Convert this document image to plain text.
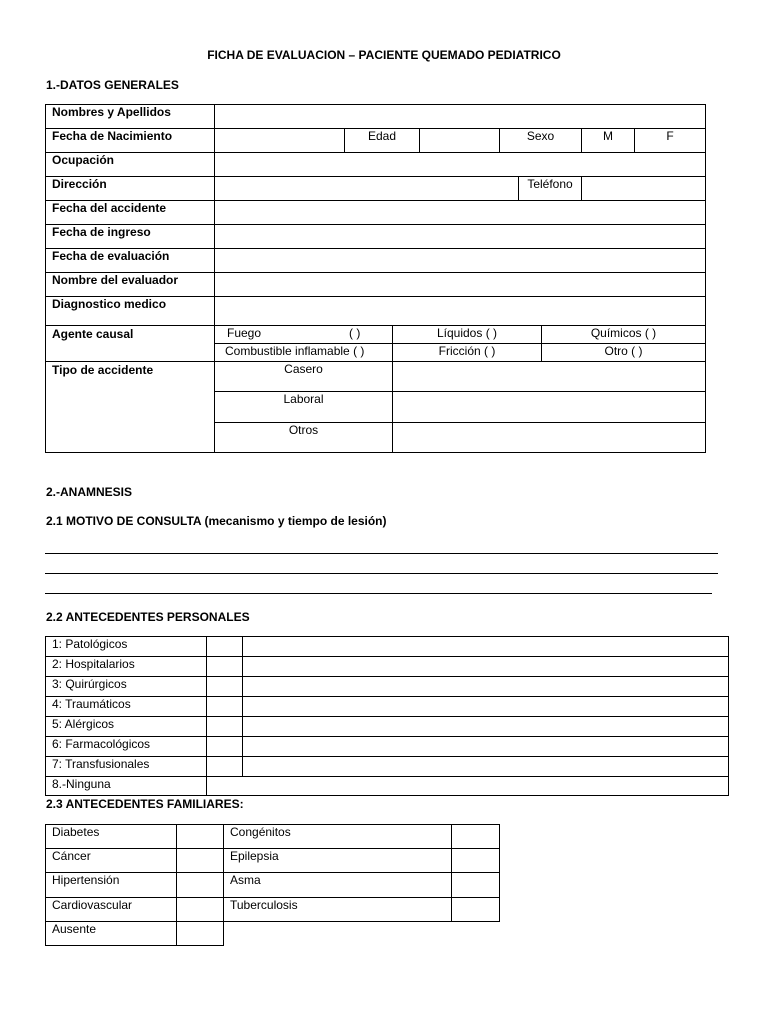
FICHA DE EVALUACION – PACIENTE QUEMADO PEDIATRICO
1.-DATOS GENERALES
Nombres y Apellidos							
Fecha de Nacimiento		Edad		Sexo		M	F
Ocupación							
Dirección					Teléfono		
Fecha del accidente							
Fecha de ingreso							
Fecha de evaluación							
Nombre del evaluador							
Diagnostico medico							
Agente causal	Fuego ( )	Líquidos ( )	Químicos ( )
	Combustible inflamable ( )	Fricción ( )	Otro ( )
Tipo de accidente	Casero		
	Laboral		
	Otros		
2.-ANAMNESIS
2.1 MOTIVO DE CONSULTA (mecanismo y tiempo de lesión)
2.2 ANTECEDENTES PERSONALES
1: Patológicos		
2: Hospitalarios		
3: Quirúrgicos		
4: Traumáticos		
5: Alérgicos		
6: Farmacológicos		
7: Transfusionales		
8.-Ninguna		
2.3 ANTECEDENTES FAMILIARES:
Diabetes		Congénitos	
Cáncer		Epilepsia	
Hipertensión		Asma	
Cardiovascular		Tuberculosis	
Ausente			
